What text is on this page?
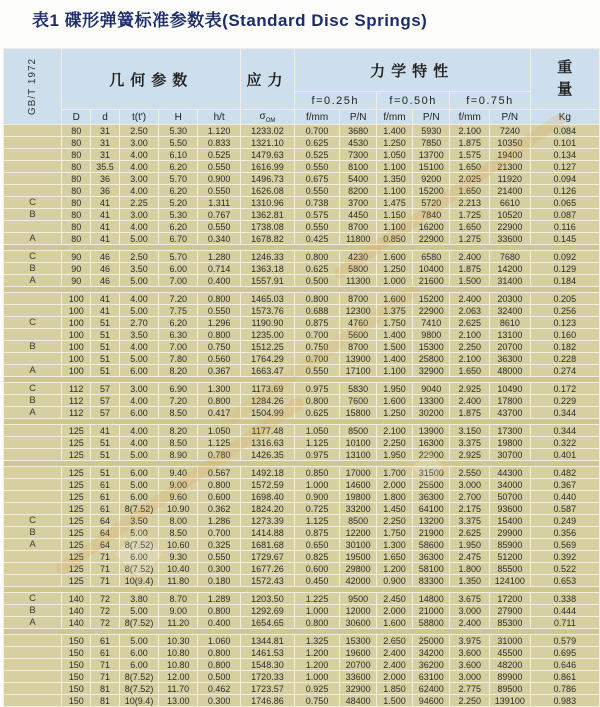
表1 碟形弹簧标准参数表(Standard Disc Springs)
GB/T 1972	几何参数					应力	力学特性						重量

							f=0.25h		f=0.50h		f=0.75h		
	D	d	t(t')	H	h/t	$\sigma_{OM}$	f/mm	P/N	f/mm	P/N	f/mm	P/N	Kg
	80	31	2.50	5.30	1.120	1233.02	0.700	3680	1.400	5930	2.100	7240	0.084
	80	31	3.00	5.50	0.833	1321.10	0.625	4530	1.250	7850	1.875	10350	0.101
	80	31	4.00	6.10	0.525	1479.63	0.525	7300	1.050	13700	1.575	19400	0.134
	80	35.5	4.00	6.20	0.550	1616.99	0.550	8100	1.100	15100	1.650	21300	0.127
	80	36	3.00	5.70	0.900	1496.73	0.675	5400	1.350	9200	2.025	11920	0.094
	80	36	4.00	6.20	0.550	1626.08	0.550	8200	1.100	15200	1.650	21400	0.126
C	80	41	2.25	5.20	1.311	1310.96	0.738	3700	1.475	5720	2.213	6610	0.065
B	80	41	3.00	5.30	0.767	1362.81	0.575	4450	1.150	7840	1.725	10520	0.087
	80	41	4.00	6.20	0.550	1738.08	0.550	8700	1.100	16200	1.650	22900	0.116
A	80	41	5.00	6.70	0.340	1678.82	0.425	11800	0.850	22900	1.275	33600	0.145

C	90	46	2.50	5.70	1.280	1246.33	0.800	4230	1.600	6580	2.400	7680	0.092
B	90	46	3.50	6.00	0.714	1363.18	0.625	5800	1.250	10400	1.875	14200	0.129
A	90	46	5.00	7.00	0.400	1557.91	0.500	11300	1.000	21600	1.500	31400	0.184

	100	41	4.00	7.20	0.800	1465.03	0.800	8700	1.600	15200	2.400	20300	0.205
	100	41	5.00	7.75	0.550	1573.76	0.688	12300	1.375	22900	2.063	32400	0.256
C	100	51	2.70	6.20	1.296	1190.90	0.875	4760	1.750	7410	2.625	8610	0.123
	100	51	3.50	6.30	0.800	1235.00	0.700	5600	1.400	9800	2.100	13100	0.160
B	100	51	4.00	7.00	0.750	1512.25	0.750	8700	1.500	15300	2.250	20700	0.182
	100	51	5.00	7.80	0.560	1764.29	0.700	13900	1.400	25800	2.100	36300	0.228
A	100	51	6.00	8.20	0.367	1663.47	0.550	17100	1.100	32900	1.650	48000	0.274

C	112	57	3.00	6.90	1.300	1173.69	0.975	5830	1.950	9040	2.925	10490	0.172
B	112	57	4.00	7.20	0.800	1284.26	0.800	7600	1.600	13300	2.400	17800	0.229
A	112	57	6.00	8.50	0.417	1504.99	0.625	15800	1.250	30200	1.875	43700	0.344

	125	41	4.00	8.20	1.050	1177.48	1.050	8500	2.100	13900	3.150	17300	0.344
	125	51	4.00	8.50	1.125	1316.63	1.125	10100	2.250	16300	3.375	19800	0.322
	125	51	5.00	8.90	0.780	1426.35	0.975	13100	1.950	22900	2.925	30700	0.401

	125	51	6.00	9.40	0.567	1492.18	0.850	17000	1.700	31500	2.550	44300	0.482
	125	61	5.00	9.00	0.800	1572.59	1.000	14600	2.000	25500	3.000	34000	0.367
	125	61	6.00	9.60	0.600	1698.40	0.900	19800	1.800	36300	2.700	50700	0.440
	125	61	8(7.52)	10.90	0.362	1824.20	0.725	33200	1.450	64100	2.175	93600	0.587
C	125	64	3.50	8.00	1.286	1273.39	1.125	8500	2.250	13200	3.375	15400	0.249
B	125	64	5.00	8.50	0.700	1414.88	0.875	12200	1.750	21900	2.625	29900	0.356
A	125	64	8(7.52)	10.60	0.325	1681.68	0.650	30100	1.300	58600	1.950	85900	0.569
	125	71	6.00	9.30	0.550	1729.67	0.825	19500	1.650	36300	2.475	51200	0.392
	125	71	8(7.52)	10.40	0.300	1677.26	0.600	29800	1.200	58100	1.800	85500	0.522
	125	71	10(9.4)	11.80	0.180	1572.43	0.450	42000	0.900	83300	1.350	124100	0.653

C	140	72	3.80	8.70	1.289	1203.50	1.225	9500	2.450	14800	3.675	17200	0.338
B	140	72	5.00	9.00	0.800	1292.69	1.000	12000	2.000	21000	3.000	27900	0.444
A	140	72	8(7.52)	11.20	0.400	1654.65	0.800	30600	1.600	58800	2.400	85300	0.711

	150	61	5.00	10.30	1.060	1344.81	1.325	15300	2.650	25000	3.975	31000	0.579
	150	61	6.00	10.80	0.800	1461.53	1.200	19600	2.400	34200	3.600	45500	0.695
	150	71	6.00	10.80	0.800	1548.30	1.200	20700	2.400	36200	3.600	48200	0.646
	150	71	8(7.52)	12.00	0.500	1720.33	1.000	33600	2.000	63100	3.000	89900	0.861
	150	81	8(7.52)	11.70	0.462	1723.57	0.925	32900	1.850	62400	2.775	89500	0.786
	150	81	10(9.4)	13.00	0.300	1746.86	0.750	48400	1.500	94600	2.250	139100	0.983
